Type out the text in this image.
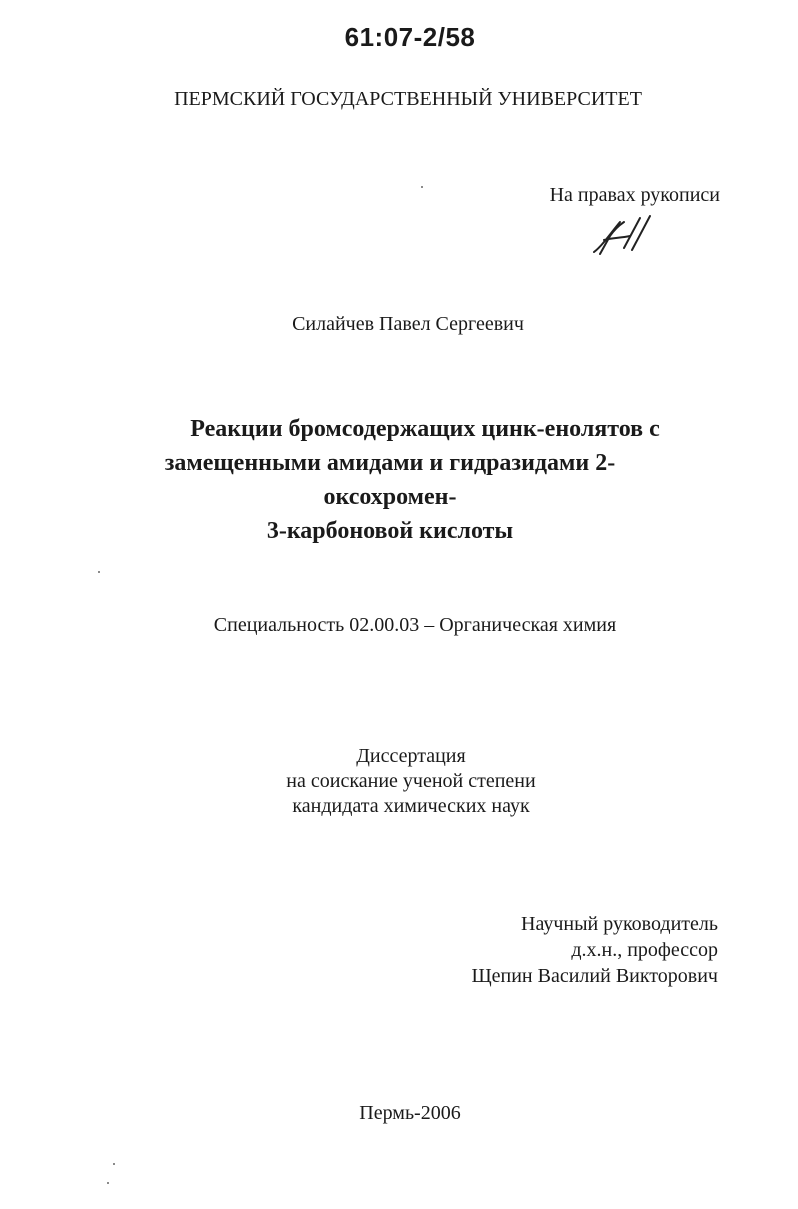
61:07-2/58
ПЕРМСКИЙ ГОСУДАРСТВЕННЫЙ УНИВЕРСИТЕТ
На правах рукописи
Силайчев Павел Сергеевич
Реакции бромсодержащих цинк-енолятов с
замещенными амидами и гидразидами 2-оксохромен-
3-карбоновой кислоты
Специальность 02.00.03 – Органическая химия
Диссертация
на соискание ученой степени
кандидата химических наук
Научный руководитель
д.х.н., профессор
Щепин Василий Викторович
Пермь-2006
